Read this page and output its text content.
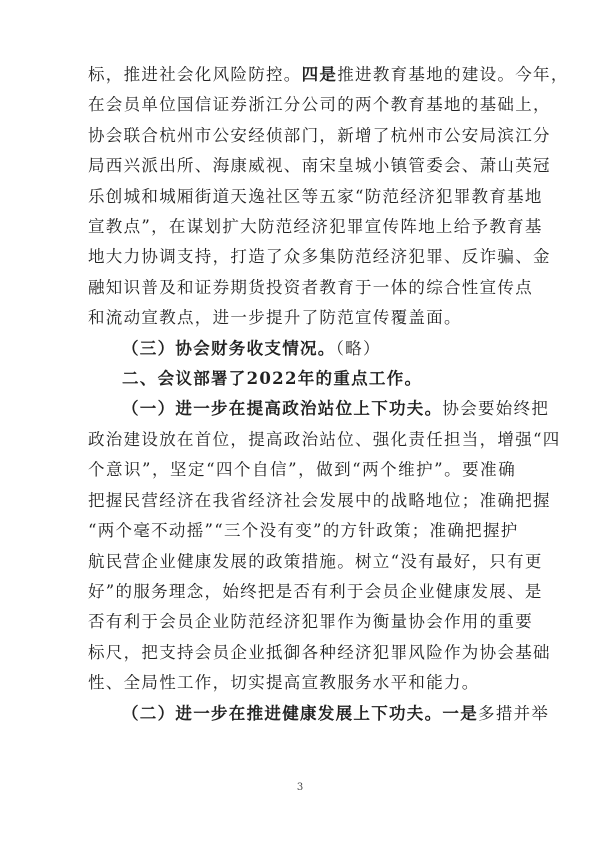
标，推进社会化风险防控。四是推进教育基地的建设。今年，
在会员单位国信证券浙江分公司的两个教育基地的基础上，
协会联合杭州市公安经侦部门，新增了杭州市公安局滨江分
局西兴派出所、海康威视、南宋皇城小镇管委会、萧山英冠
乐创城和城厢街道天逸社区等五家“防范经济犯罪教育基地
宣教点”，在谋划扩大防范经济犯罪宣传阵地上给予教育基
地大力协调支持，打造了众多集防范经济犯罪、反诈骗、金
融知识普及和证券期货投资者教育于一体的综合性宣传点
和流动宣教点，进一步提升了防范宣传覆盖面。
（三）协会财务收支情况。（略）
二、会议部署了2022年的重点工作。
（一）进一步在提高政治站位上下功夫。协会要始终把
政治建设放在首位，提高政治站位、强化责任担当，增强“四
个意识”，坚定“四个自信”，做到“两个维护”。要准确
把握民营经济在我省经济社会发展中的战略地位；准确把握
“两个毫不动摇”“三个没有变”的方针政策；准确把握护
航民营企业健康发展的政策措施。树立“没有最好，只有更
好”的服务理念，始终把是否有利于会员企业健康发展、是
否有利于会员企业防范经济犯罪作为衡量协会作用的重要
标尺，把支持会员企业抵御各种经济犯罪风险作为协会基础
性、全局性工作，切实提高宣教服务水平和能力。
（二）进一步在推进健康发展上下功夫。一是多措并举
3
